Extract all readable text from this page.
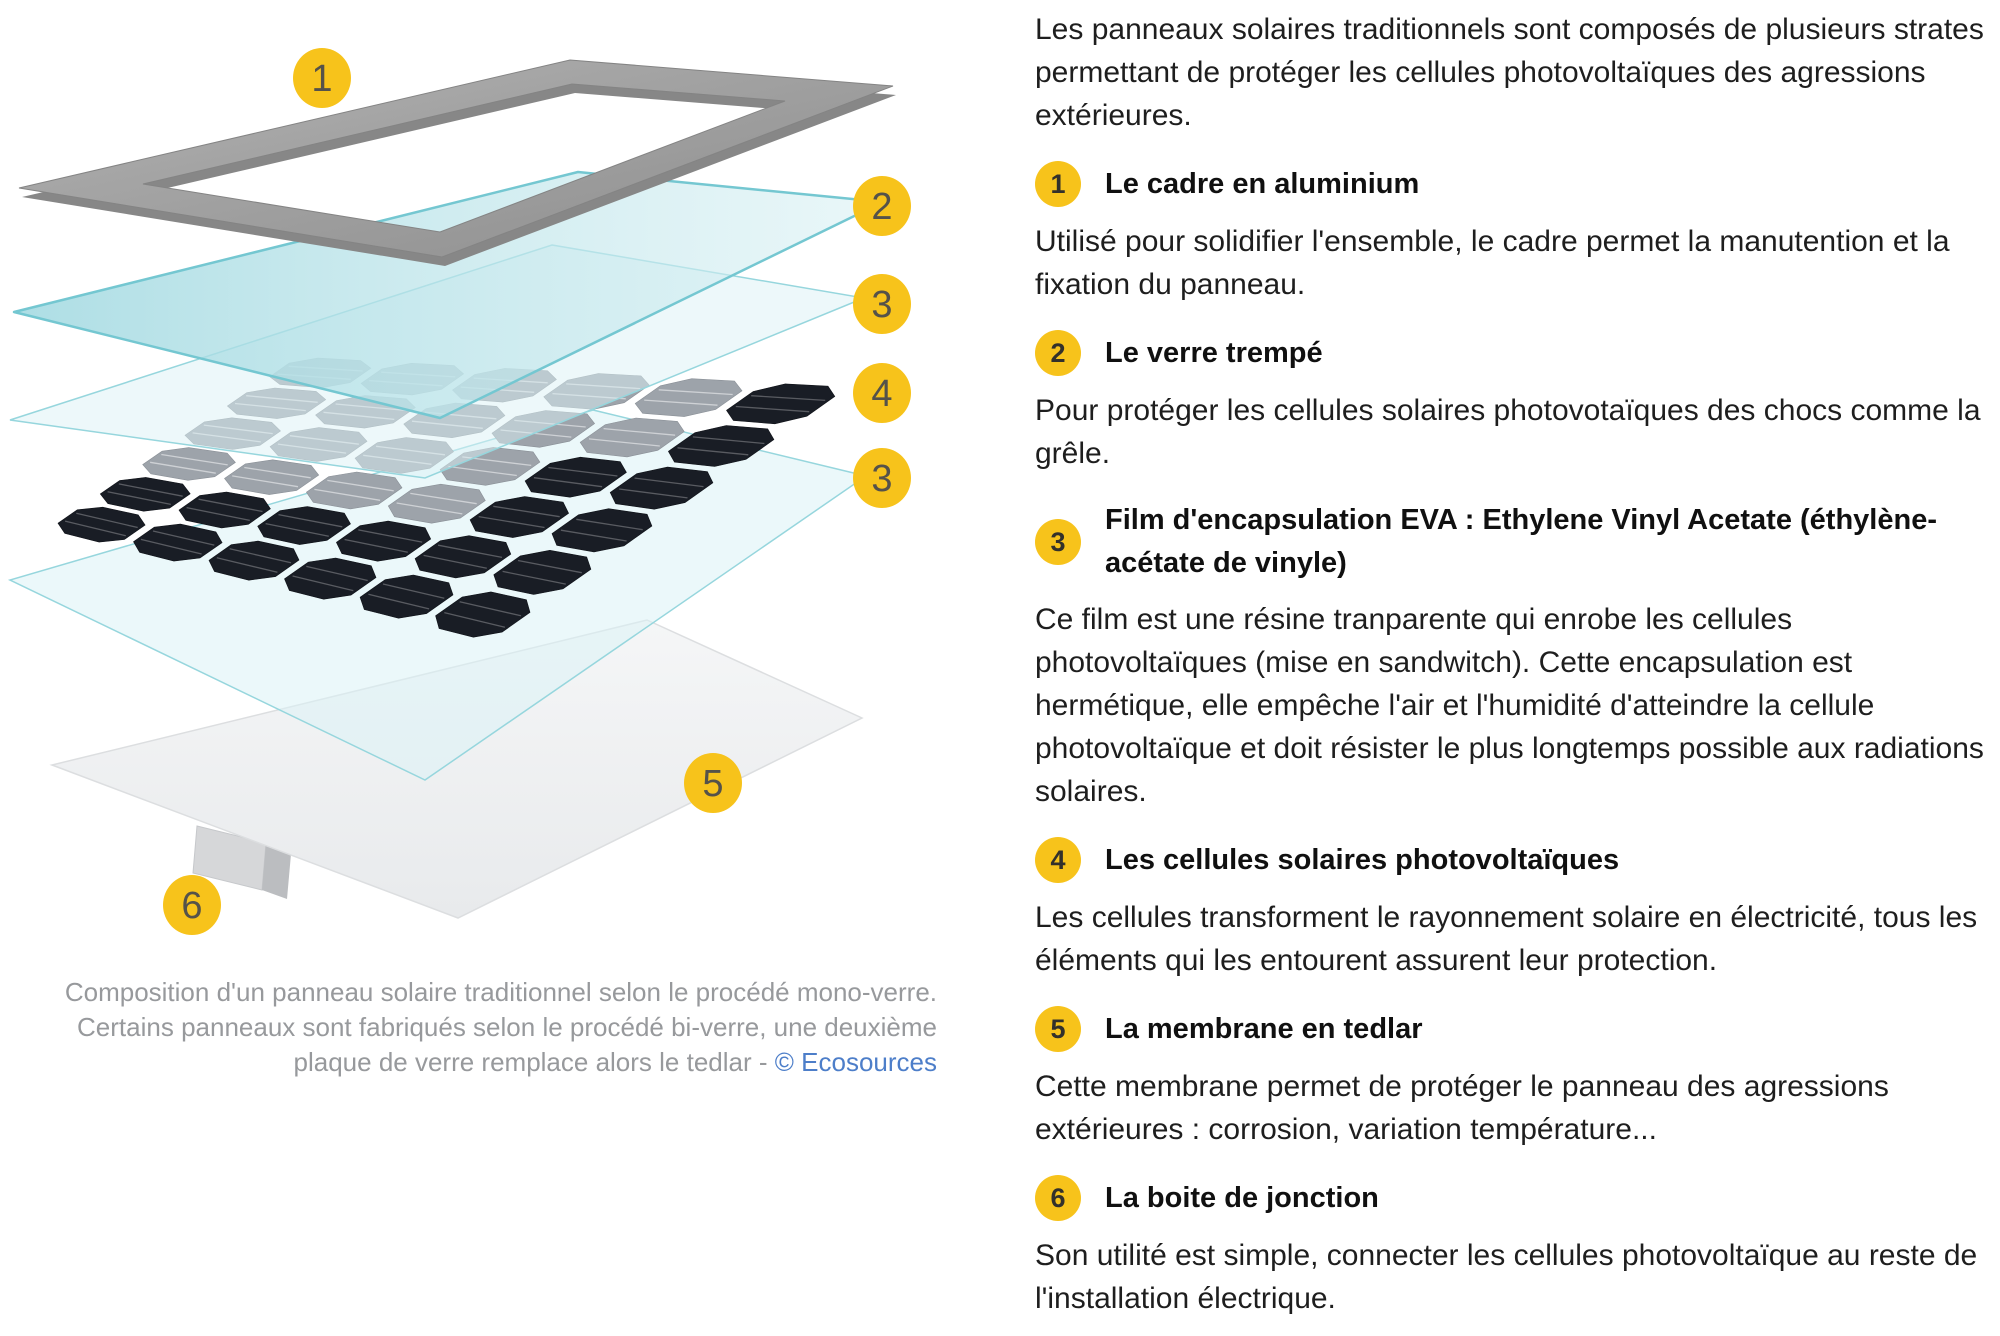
1
2
3
4
3
5
6
Composition d'un panneau solaire traditionnel selon le procédé mono-verre.
Certains panneaux sont fabriqués selon le procédé bi-verre, une deuxième
plaque de verre remplace alors le tedlar - © Ecosources

Les panneaux solaires traditionnels sont composés de plusieurs strates permettant de protéger les cellules photovoltaïques des agressions extérieures.

1	Le cadre en aluminium

Utilisé pour solidifier l'ensemble, le cadre permet la manutention et la fixation du panneau.

2	Le verre trempé

Pour protéger les cellules solaires photovotaïques des chocs comme la grêle.

3
Film d'encapsulation EVA : Ethylene Vinyl Acetate (éthylène-acétate de vinyle)

Ce film est une résine tranparente qui enrobe les cellules photovoltaïques (mise en sandwitch). Cette encapsulation est hermétique, elle empêche l'air et l'humidité d'atteindre la cellule photovoltaïque et doit résister le plus longtemps possible aux radiations solaires.

4	Les cellules solaires photovoltaïques

Les cellules transforment le rayonnement solaire en électricité, tous les éléments qui les entourent assurent leur protection.

5	La membrane en tedlar

Cette membrane permet de protéger le panneau des agressions extérieures : corrosion, variation température...

6	La boite de jonction

Son utilité est simple, connecter les cellules photovoltaïque au reste de l'installation électrique.
